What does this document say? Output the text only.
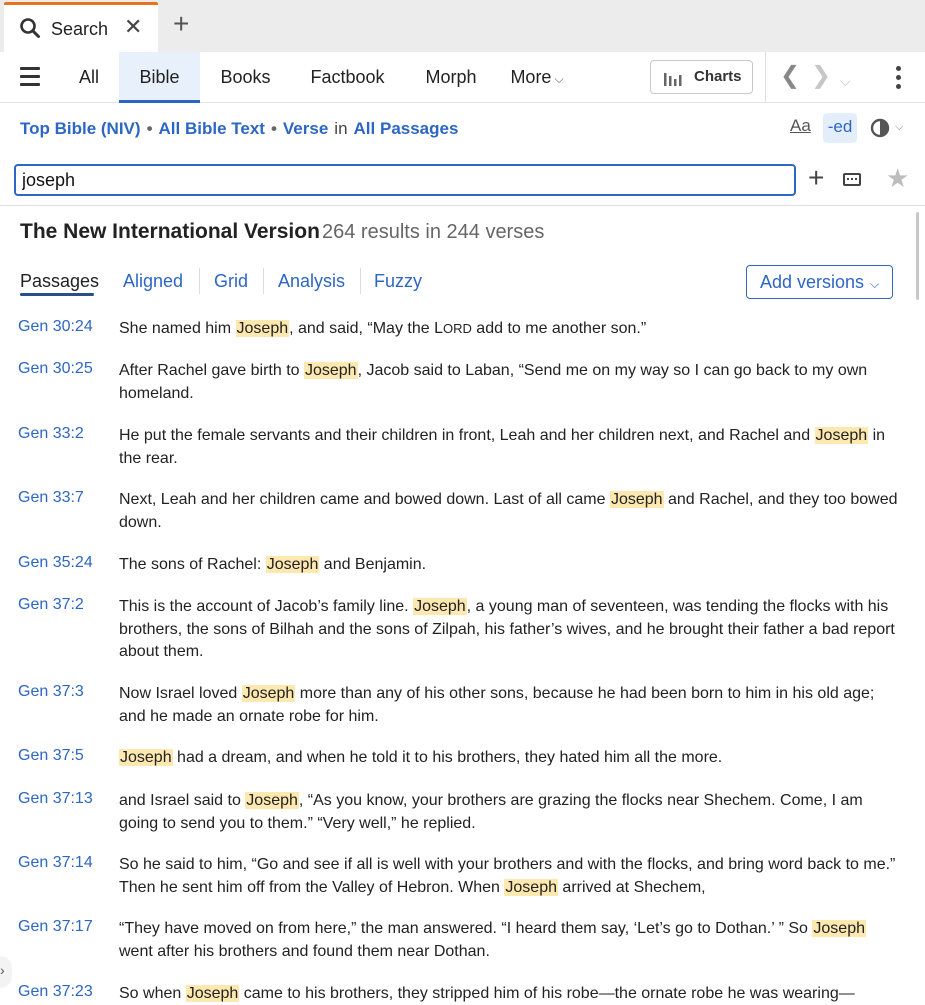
Search ✕ +
All	Bible	Books	Factbook	Morph	More ⌵	Charts ❮ ❯ ⌵
Top Bible (NIV) • All Bible Text • Verse in All Passages	Aa -ed	⌵
joseph
+ ★
The New International Version 264 results in 244 verses
Passages Aligned Grid Analysis Fuzzy	Add versions ⌵
Gen 30:24 She named him Joseph, and said, “May the LORD add to me another son.”
Gen 30:25 After Rachel gave birth to Joseph, Jacob said to Laban, “Send me on my way so I can go back to my own homeland.
Gen 33:2 He put the female servants and their children in front, Leah and her children next, and Rachel and Joseph in the rear.
Gen 33:7 Next, Leah and her children came and bowed down. Last of all came Joseph and Rachel, and they too bowed down.
Gen 35:24 The sons of Rachel: Joseph and Benjamin.
Gen 37:2 This is the account of Jacob’s family line. Joseph, a young man of seventeen, was tending the flocks with his brothers, the sons of Bilhah and the sons of Zilpah, his father’s wives, and he brought their father a bad report about them.
Gen 37:3 Now Israel loved Joseph more than any of his other sons, because he had been born to him in his old age; and he made an ornate robe for him.
Gen 37:5 Joseph had a dream, and when he told it to his brothers, they hated him all the more.
Gen 37:13 and Israel said to Joseph, “As you know, your brothers are grazing the flocks near Shechem. Come, I am going to send you to them.” “Very well,” he replied.
Gen 37:14 So he said to him, “Go and see if all is well with your brothers and with the flocks, and bring word back to me.” Then he sent him off from the Valley of Hebron. When Joseph arrived at Shechem,
Gen 37:17 “They have moved on from here,” the man answered. “I heard them say, ‘Let’s go to Dothan.’ ” So Joseph went after his brothers and found them near Dothan.
Gen 37:23 So when Joseph came to his brothers, they stripped him of his robe—the ornate robe he was wearing—
›
